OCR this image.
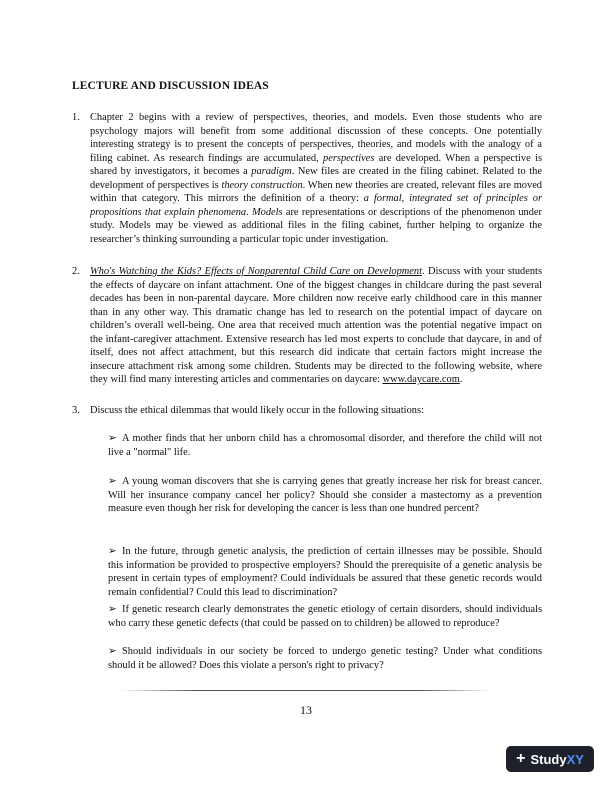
LECTURE AND DISCUSSION IDEAS
1. Chapter 2 begins with a review of perspectives, theories, and models. Even those students who are psychology majors will benefit from some additional discussion of these concepts. One potentially interesting strategy is to present the concepts of perspectives, theories, and models with the analogy of a filing cabinet. As research findings are accumulated, perspectives are developed. When a perspective is shared by investigators, it becomes a paradigm. New files are created in the filing cabinet. Related to the development of perspectives is theory construction. When new theories are created, relevant files are moved within that category. This mirrors the definition of a theory: a formal, integrated set of principles or propositions that explain phenomena. Models are representations or descriptions of the phenomenon under study. Models may be viewed as additional files in the filing cabinet, further helping to organize the researcher’s thinking surrounding a particular topic under investigation.
2. Who's Watching the Kids? Effects of Nonparental Child Care on Development. Discuss with your students the effects of daycare on infant attachment. One of the biggest changes in childcare during the past several decades has been in non-parental daycare. More children now receive early childhood care in this manner than in any other way. This dramatic change has led to research on the potential impact of daycare on children’s overall well-being. One area that received much attention was the potential negative impact on the infant-caregiver attachment. Extensive research has led most experts to conclude that daycare, in and of itself, does not affect attachment, but this research did indicate that certain factors might increase the insecure attachment risk among some children. Students may be directed to the following website, where they will find many interesting articles and commentaries on daycare: www.daycare.com.
3. Discuss the ethical dilemmas that would likely occur in the following situations:
➢ A mother finds that her unborn child has a chromosomal disorder, and therefore the child will not live a "normal" life.
➢ A young woman discovers that she is carrying genes that greatly increase her risk for breast cancer. Will her insurance company cancel her policy? Should she consider a mastectomy as a prevention measure even though her risk for developing the cancer is less than one hundred percent?
➢ In the future, through genetic analysis, the prediction of certain illnesses may be possible. Should this information be provided to prospective employers? Should the prerequisite of a genetic analysis be present in certain types of employment? Could individuals be assured that these genetic records would remain confidential? Could this lead to discrimination?
➢ If genetic research clearly demonstrates the genetic etiology of certain disorders, should individuals who carry these genetic defects (that could be passed on to children) be allowed to reproduce?
➢ Should individuals in our society be forced to undergo genetic testing? Under what conditions should it be allowed? Does this violate a person's right to privacy?
13
+ Study XY
